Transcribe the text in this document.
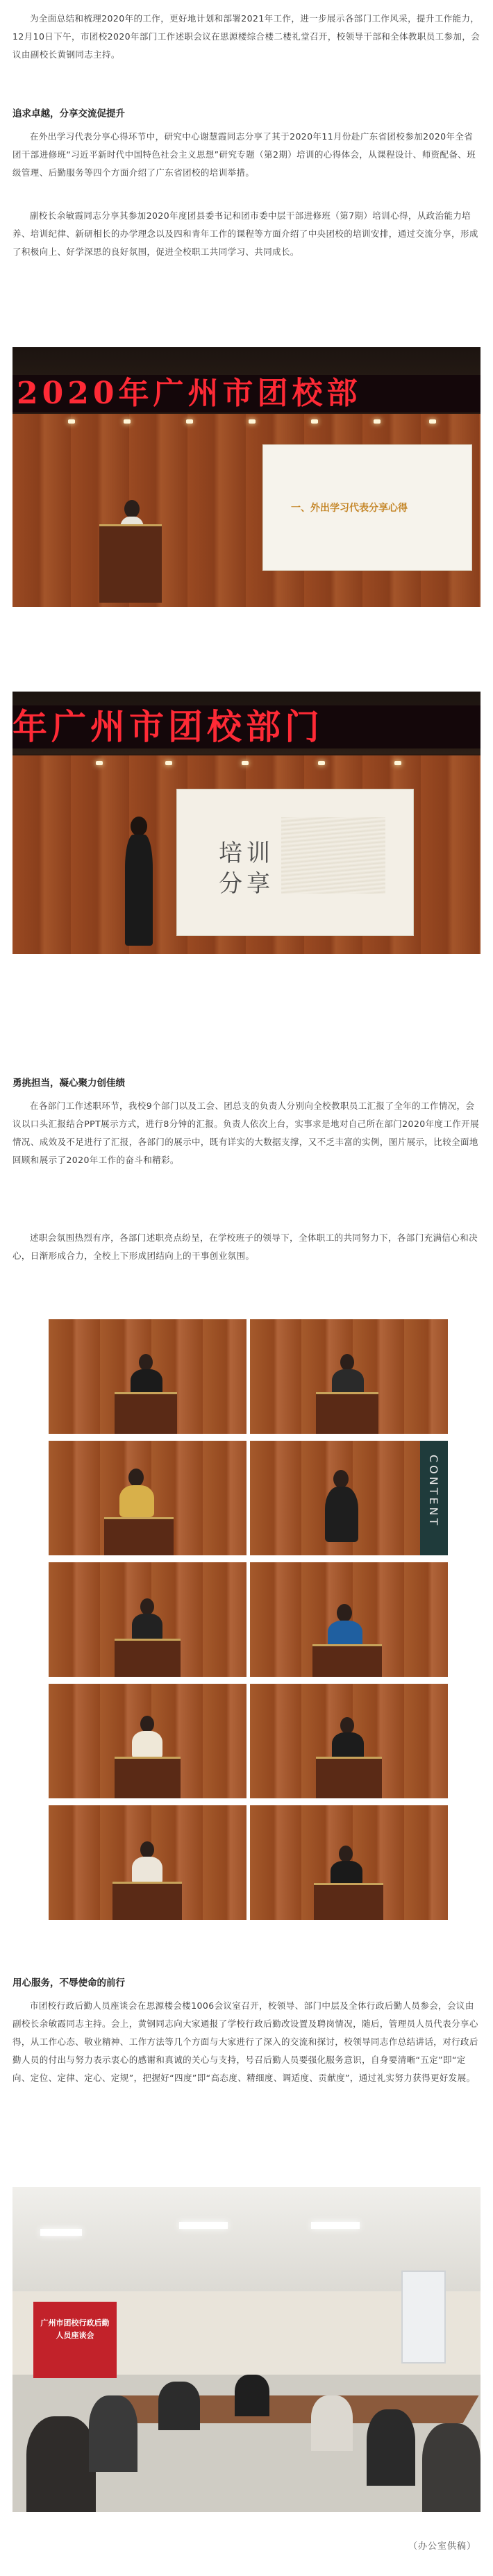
为全面总结和梳理2020年的工作，更好地计划和部署2021年工作，进一步展示各部门工作风采，提升工作能力，12月10日下午，市团校2020年部门工作述职会议在思源楼综合楼二楼礼堂召开，校领导干部和全体教职员工参加，会议由副校长黄钢同志主持。

追求卓越，分享交流促提升

在外出学习代表分享心得环节中，研究中心谢慧霞同志分享了其于2020年11月份赴广东省团校参加2020年全省团干部进修班“习近平新时代中国特色社会主义思想”研究专题（第2期）培训的心得体会，从课程设计、师资配备、班级管理、后勤服务等四个方面介绍了广东省团校的培训举措。

副校长余敏霞同志分享其参加2020年度团县委书记和团市委中层干部进修班（第7期）培训心得，从政治能力培养、培训纪律、新研相长的办学理念以及四和青年工作的课程等方面介绍了中央团校的培训安排，通过交流分享，形成了积极向上、好学深思的良好氛围，促进全校职工共同学习、共同成长。

2020年广州市团校部
一、外出学习代表分享心得
年广州市团校部门
培训分享
勇挑担当，凝心聚力创佳绩

在各部门工作述职环节，我校9个部门以及工会、团总支的负责人分别向全校教职员工汇报了全年的工作情况，会议以口头汇报结合PPT展示方式，进行8分钟的汇报。负责人依次上台，实事求是地对自己所在部门2020年度工作开展情况、成效及不足进行了汇报，各部门的展示中，既有详实的大数据支撑，又不乏丰富的实例，图片展示，比较全面地回顾和展示了2020年工作的奋斗和精彩。

述职会氛围热烈有序，各部门述职亮点纷呈，在学校班子的领导下，全体职工的共同努力下，各部门充满信心和决心，日渐形成合力，全校上下形成团结向上的干事创业氛围。

CONTENT
用心服务，不辱使命的前行

市团校行政后勤人员座谈会在思源楼会楼1006会议室召开，校领导、部门中层及全体行政后勤人员参会，会议由副校长余敏霞同志主持。会上，黄钢同志向大家通报了学校行政后勤改设置及聘岗情况，随后，管理员人员代表分享心得，从工作心态、敬业精神、工作方法等几个方面与大家进行了深入的交流和探讨，校领导同志作总结讲话，对行政后勤人员的付出与努力表示衷心的感谢和真诚的关心与支持，号召后勤人员要强化服务意识，自身要清晰“五定”即“定向、定位、定律、定心、定规”，把握好“四度”即“高态度、精细度、调适度、贡献度”，通过礼实努力获得更好发展。

广州市团校行政后勤人员座谈会

（办公室供稿）
